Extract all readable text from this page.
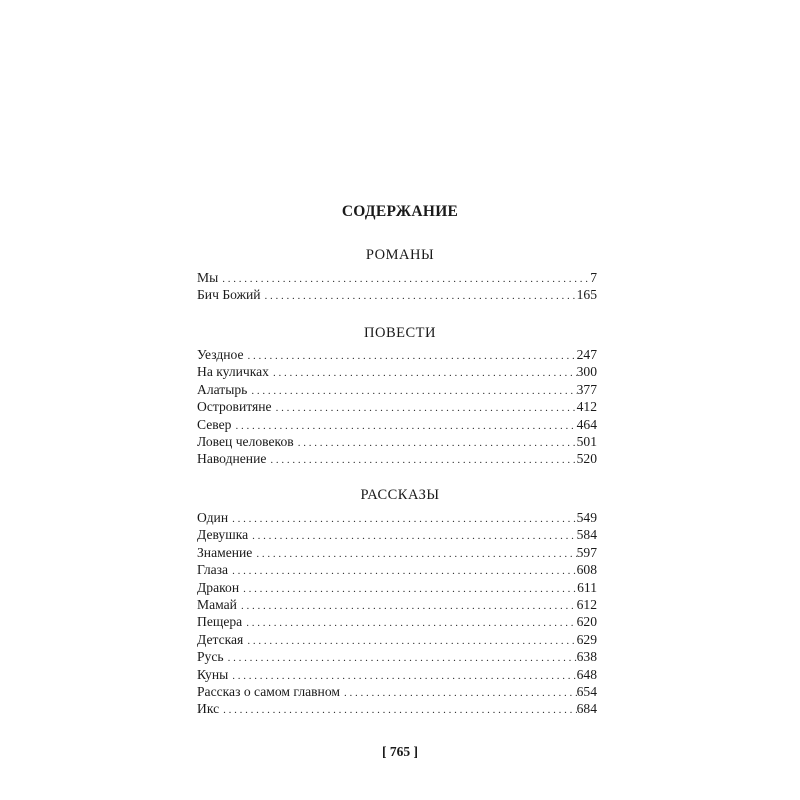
СОДЕРЖАНИЕ
РОМАНЫ
Мы . . .	7
Бич Божий . . .	165
ПОВЕСТИ
Уездное . . .	247
На куличках . . .	300
Алатырь . . .	377
Островитяне . . .	412
Север . . .	464
Ловец человеков . . .	501
Наводнение . . .	520
РАССКАЗЫ
Один . . .	549
Девушка . . .	584
Знамение . . .	597
Глаза . . .	608
Дракон . . .	611
Мамай . . .	612
Пещера . . .	620
Детская . . .	629
Русь . . .	638
Куны . . .	648
Рассказ о самом главном . . .	654
Икс . . .	684
[ 765 ]
